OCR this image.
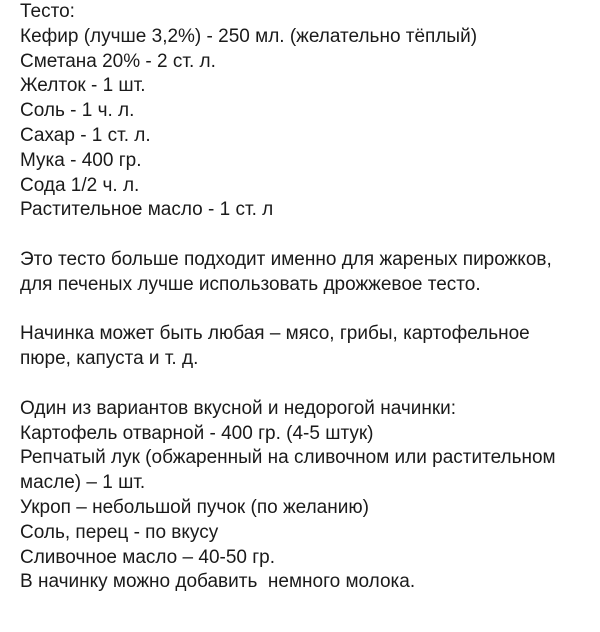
Тесто:
Кефир (лучше 3,2%) - 250 мл. (желательно тёплый)
Сметана 20% - 2 ст. л.
Желток - 1 шт.
Соль - 1 ч. л.
Сахар - 1 ст. л.
Мука - 400 гр.
Сода 1/2 ч. л.
Растительное масло - 1 ст. л
Это тесто больше подходит именно для жареных пирожков,
для печеных лучше использовать дрожжевое тесто.
Начинка может быть любая – мясо, грибы, картофельное
пюре, капуста и т. д.
Один из вариантов вкусной и недорогой начинки:
Картофель отварной - 400 гр. (4-5 штук)
Репчатый лук (обжаренный на сливочном или растительном
масле) – 1 шт.
Укроп – небольшой пучок (по желанию)
Соль, перец - по вкусу
Сливочное масло – 40-50 гр.
В начинку можно добавить  немного молока.
